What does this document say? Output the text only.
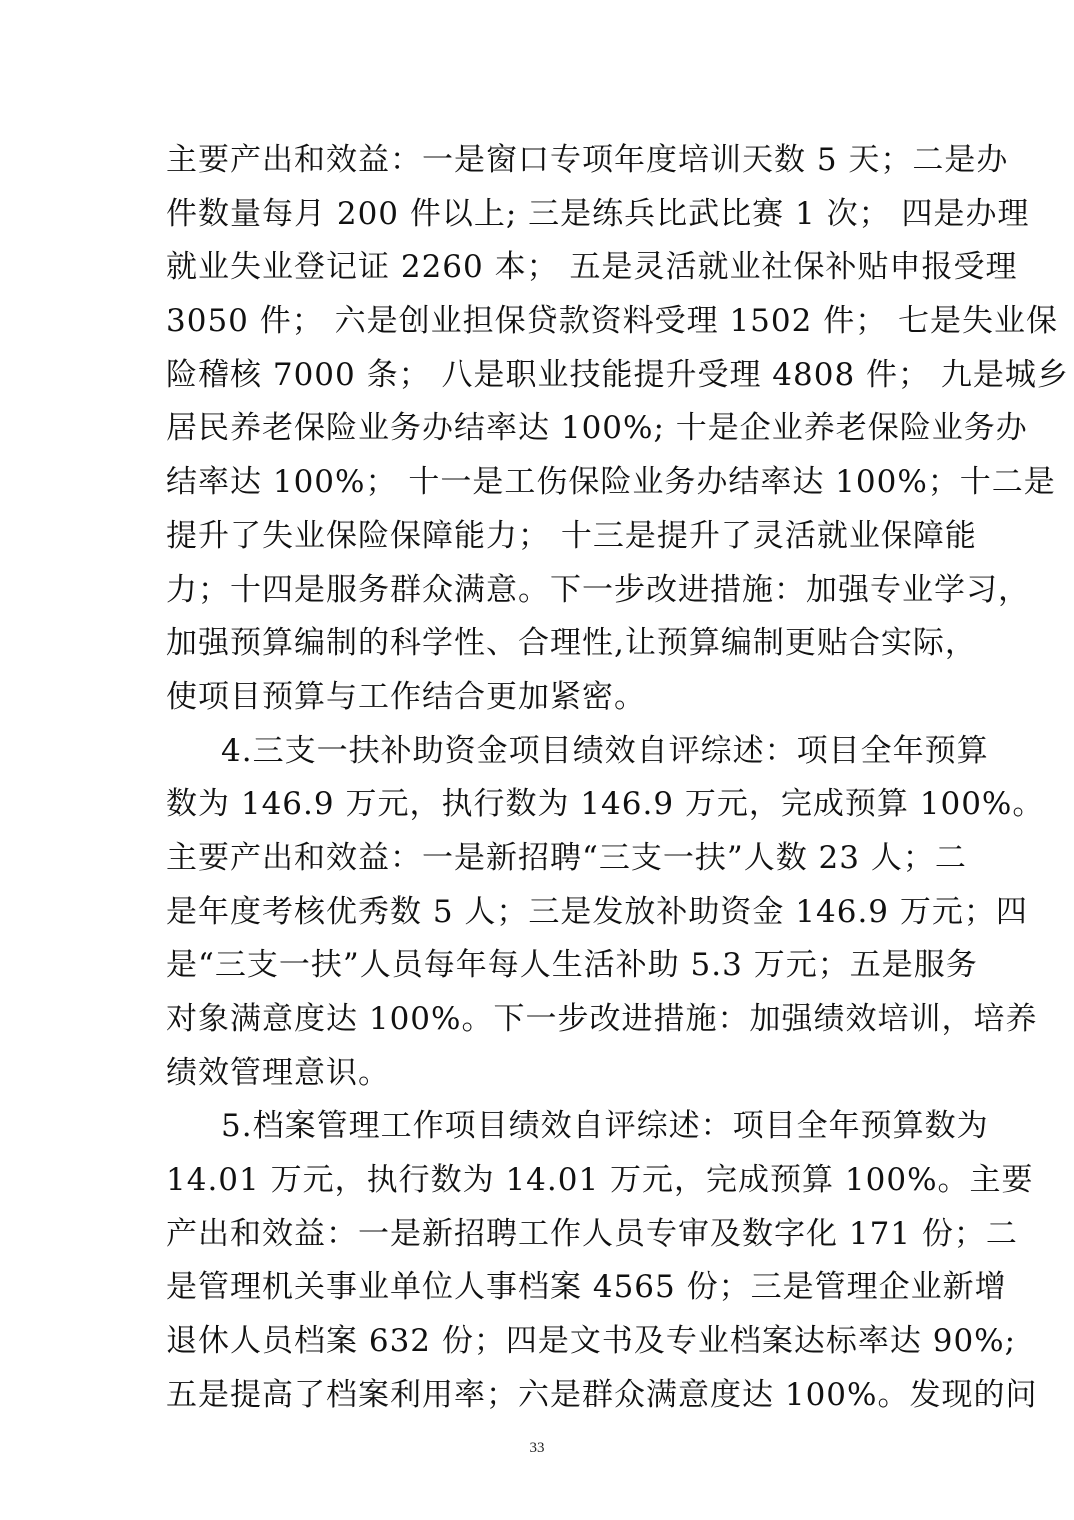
主要产出和效益：一是窗口专项年度培训天数 5 天；二是办
件数量每月 200 件以上; 三是练兵比武比赛 1 次； 四是办理
就业失业登记证 2260 本； 五是灵活就业社保补贴申报受理
3050 件； 六是创业担保贷款资料受理 1502 件； 七是失业保
险稽核 7000 条； 八是职业技能提升受理 4808 件； 九是城乡
居民养老保险业务办结率达 100%; 十是企业养老保险业务办
结率达 100%； 十一是工伤保险业务办结率达 100%；十二是
提升了失业保险保障能力； 十三是提升了灵活就业保障能
力；十四是服务群众满意。下一步改进措施：加强专业学习，
加强预算编制的科学性、合理性,让预算编制更贴合实际，
使项目预算与工作结合更加紧密。
4.三支一扶补助资金项目绩效自评综述：项目全年预算
数为 146.9 万元，执行数为 146.9 万元，完成预算 100%。
主要产出和效益：一是新招聘“三支一扶”人数 23 人；二
是年度考核优秀数 5 人；三是发放补助资金 146.9 万元；四
是“三支一扶”人员每年每人生活补助 5.3 万元；五是服务
对象满意度达 100%。下一步改进措施：加强绩效培训，培养
绩效管理意识。
5.档案管理工作项目绩效自评综述：项目全年预算数为
14.01 万元，执行数为 14.01 万元，完成预算 100%。主要
产出和效益：一是新招聘工作人员专审及数字化 171 份；二
是管理机关事业单位人事档案 4565 份；三是管理企业新增
退休人员档案 632 份；四是文书及专业档案达标率达 90%;
五是提高了档案利用率；六是群众满意度达 100%。发现的问
33
